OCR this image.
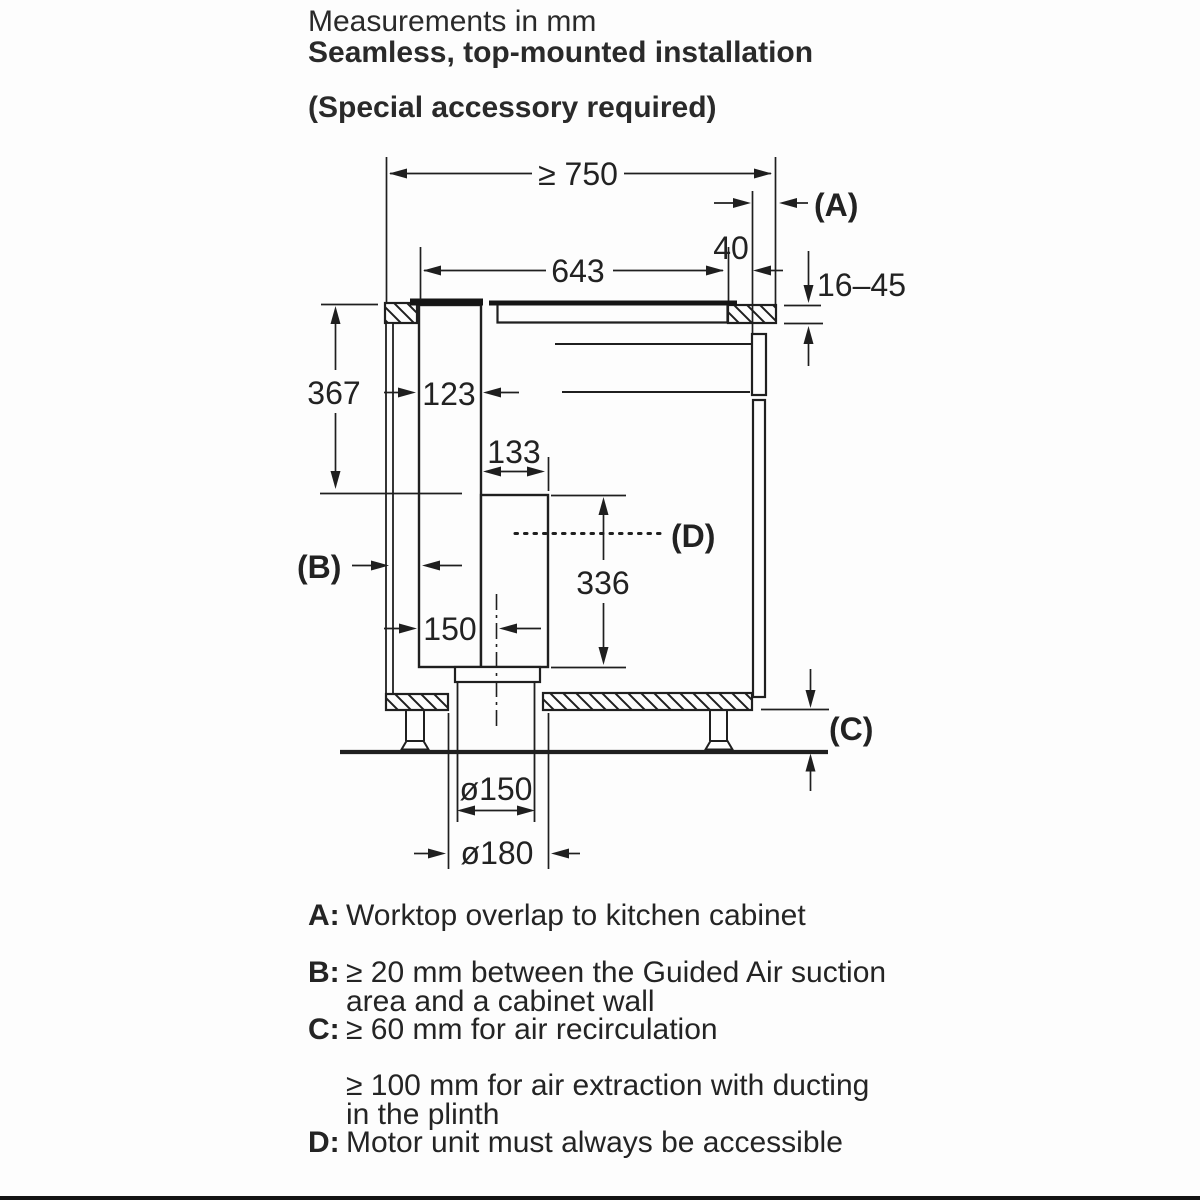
Measurements in mm
Seamless, top-mounted installation
(Special accessory required)
≥ 750
(A)
40
643	16–45
367 123
133
(B)
(D)
336
150
(C)
ø150
ø180
A: Worktop overlap to kitchen cabinet
B: ≥ 20 mm between the Guided Air suction
area and a cabinet wall
C: ≥ 60 mm for air recirculation
≥ 100 mm for air extraction with ducting
in the plinth
D: Motor unit must always be accessible
